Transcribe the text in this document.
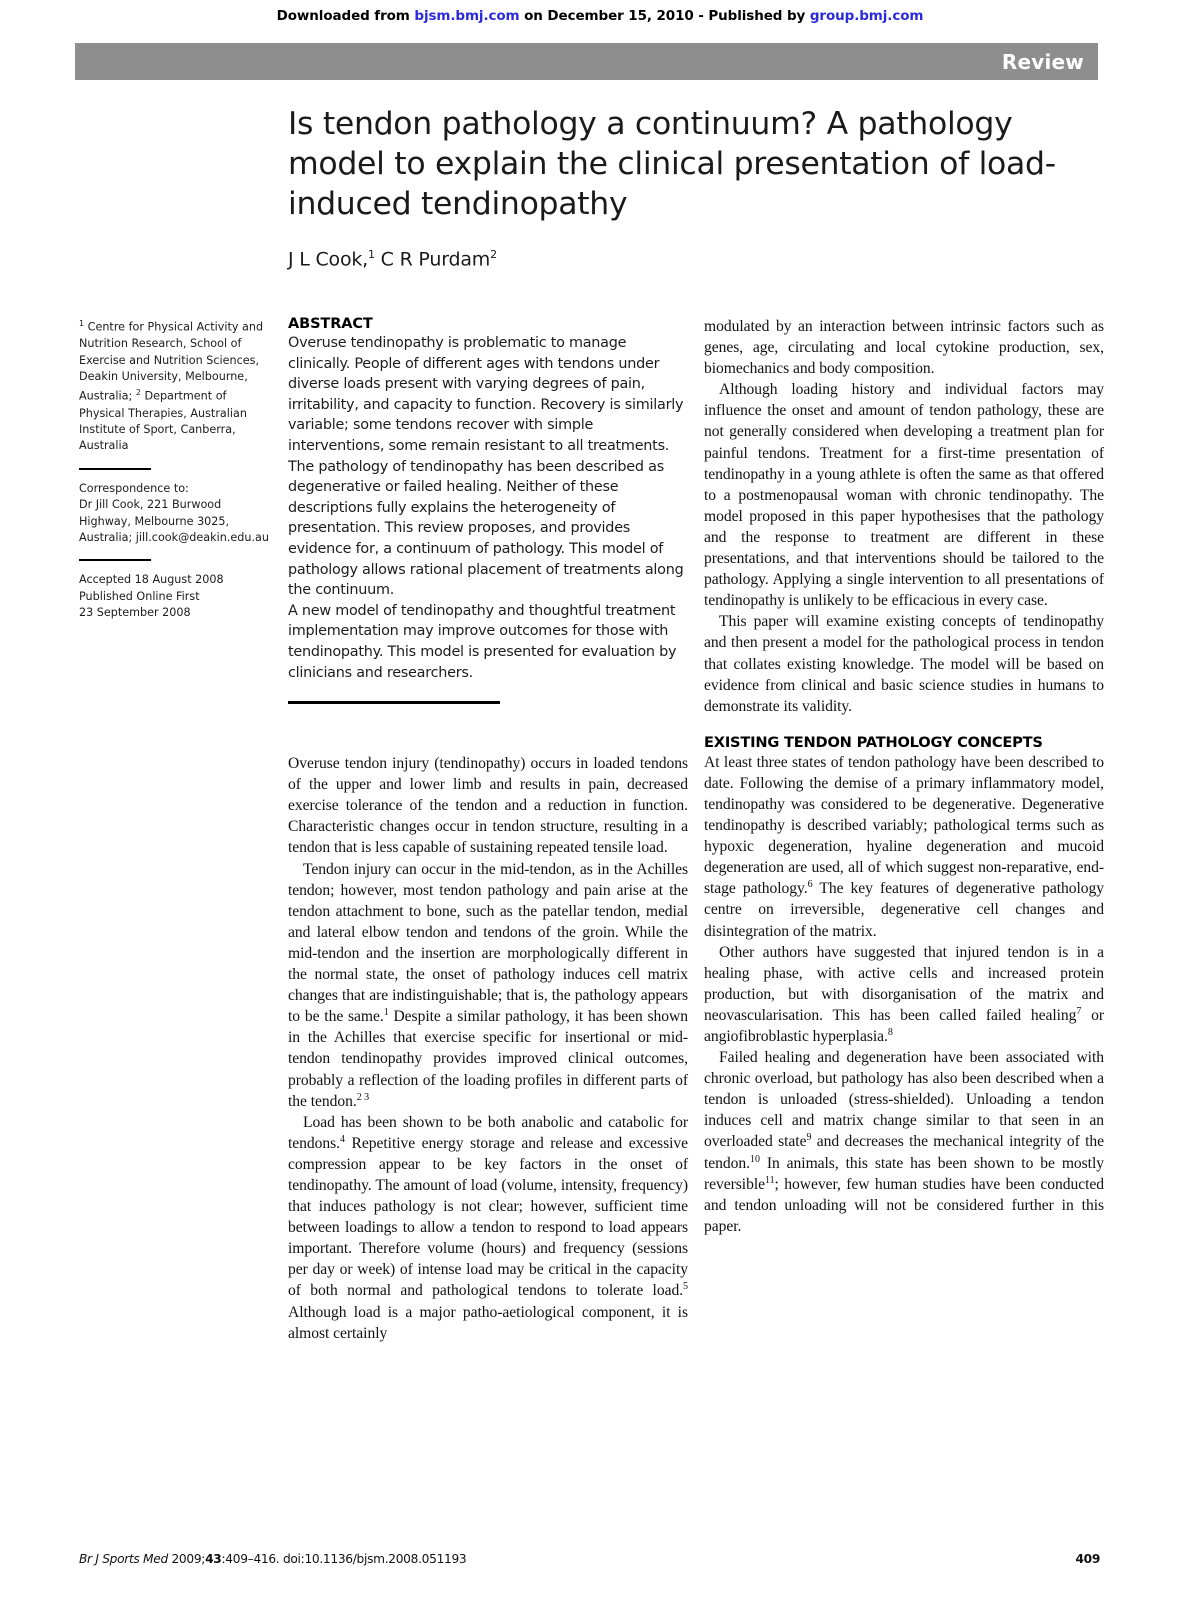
Downloaded from bjsm.bmj.com on December 15, 2010 - Published by group.bmj.com
Review
Is tendon pathology a continuum? A pathology model to explain the clinical presentation of load-induced tendinopathy
J L Cook,$^1$ C R Purdam$^2$

$^1$ Centre for Physical Activity and Nutrition Research, School of Exercise and Nutrition Sciences, Deakin University, Melbourne, Australia; $^2$ Department of Physical Therapies, Australian Institute of Sport, Canberra, Australia

Correspondence to:

Dr Jill Cook, 221 Burwood Highway, Melbourne 3025, Australia; jill.cook@deakin.edu.au

Accepted 18 August 2008

Published Online First

23 September 2008

ABSTRACT

Overuse tendinopathy is problematic to manage clinically. People of different ages with tendons under diverse loads present with varying degrees of pain, irritability, and capacity to function. Recovery is similarly variable; some tendons recover with simple interventions, some remain resistant to all treatments.

The pathology of tendinopathy has been described as degenerative or failed healing. Neither of these descriptions fully explains the heterogeneity of presentation. This review proposes, and provides evidence for, a continuum of pathology. This model of pathology allows rational placement of treatments along the continuum.

A new model of tendinopathy and thoughtful treatment implementation may improve outcomes for those with tendinopathy. This model is presented for evaluation by clinicians and researchers.

Overuse tendon injury (tendinopathy) occurs in loaded tendons of the upper and lower limb and results in pain, decreased exercise tolerance of the tendon and a reduction in function. Characteristic changes occur in tendon structure, resulting in a tendon that is less capable of sustaining repeated tensile load.

Tendon injury can occur in the mid-tendon, as in the Achilles tendon; however, most tendon pathology and pain arise at the tendon attachment to bone, such as the patellar tendon, medial and lateral elbow tendon and tendons of the groin. While the mid-tendon and the insertion are morphologically different in the normal state, the onset of pathology induces cell matrix changes that are indistinguishable; that is, the pathology appears to be the same.$^1$ Despite a similar pathology, it has been shown in the Achilles that exercise specific for insertional or mid-tendon tendinopathy provides improved clinical outcomes, probably a reflection of the loading profiles in different parts of the tendon.$^{2 3}$

Load has been shown to be both anabolic and catabolic for tendons.$^4$ Repetitive energy storage and release and excessive compression appear to be key factors in the onset of tendinopathy. The amount of load (volume, intensity, frequency) that induces pathology is not clear; however, sufficient time between loadings to allow a tendon to respond to load appears important. Therefore volume (hours) and frequency (sessions per day or week) of intense load may be critical in the capacity of both normal and pathological tendons to tolerate load.$^5$ Although load is a major patho-aetiological component, it is almost certainly

modulated by an interaction between intrinsic factors such as genes, age, circulating and local cytokine production, sex, biomechanics and body composition.

Although loading history and individual factors may influence the onset and amount of tendon pathology, these are not generally considered when developing a treatment plan for painful tendons. Treatment for a first-time presentation of tendinopathy in a young athlete is often the same as that offered to a postmenopausal woman with chronic tendinopathy. The model proposed in this paper hypothesises that the pathology and the response to treatment are different in these presentations, and that interventions should be tailored to the pathology. Applying a single intervention to all presentations of tendinopathy is unlikely to be efficacious in every case.

This paper will examine existing concepts of tendinopathy and then present a model for the pathological process in tendon that collates existing knowledge. The model will be based on evidence from clinical and basic science studies in humans to demonstrate its validity.

EXISTING TENDON PATHOLOGY CONCEPTS

At least three states of tendon pathology have been described to date. Following the demise of a primary inflammatory model, tendinopathy was considered to be degenerative. Degenerative tendinopathy is described variably; pathological terms such as hypoxic degeneration, hyaline degeneration and mucoid degeneration are used, all of which suggest non-reparative, end-stage pathology.$^6$ The key features of degenerative pathology centre on irreversible, degenerative cell changes and disintegration of the matrix.

Other authors have suggested that injured tendon is in a healing phase, with active cells and increased protein production, but with disorganisation of the matrix and neovascularisation. This has been called failed healing$^7$ or angiofibroblastic hyperplasia.$^8$

Failed healing and degeneration have been associated with chronic overload, but pathology has also been described when a tendon is unloaded (stress-shielded). Unloading a tendon induces cell and matrix change similar to that seen in an overloaded state$^9$ and decreases the mechanical integrity of the tendon.$^{10}$ In animals, this state has been shown to be mostly reversible$^{11}$; however, few human studies have been conducted and tendon unloading will not be considered further in this paper.

Br J Sports Med 2009;43:409–416. doi:10.1136/bjsm.2008.051193	409
